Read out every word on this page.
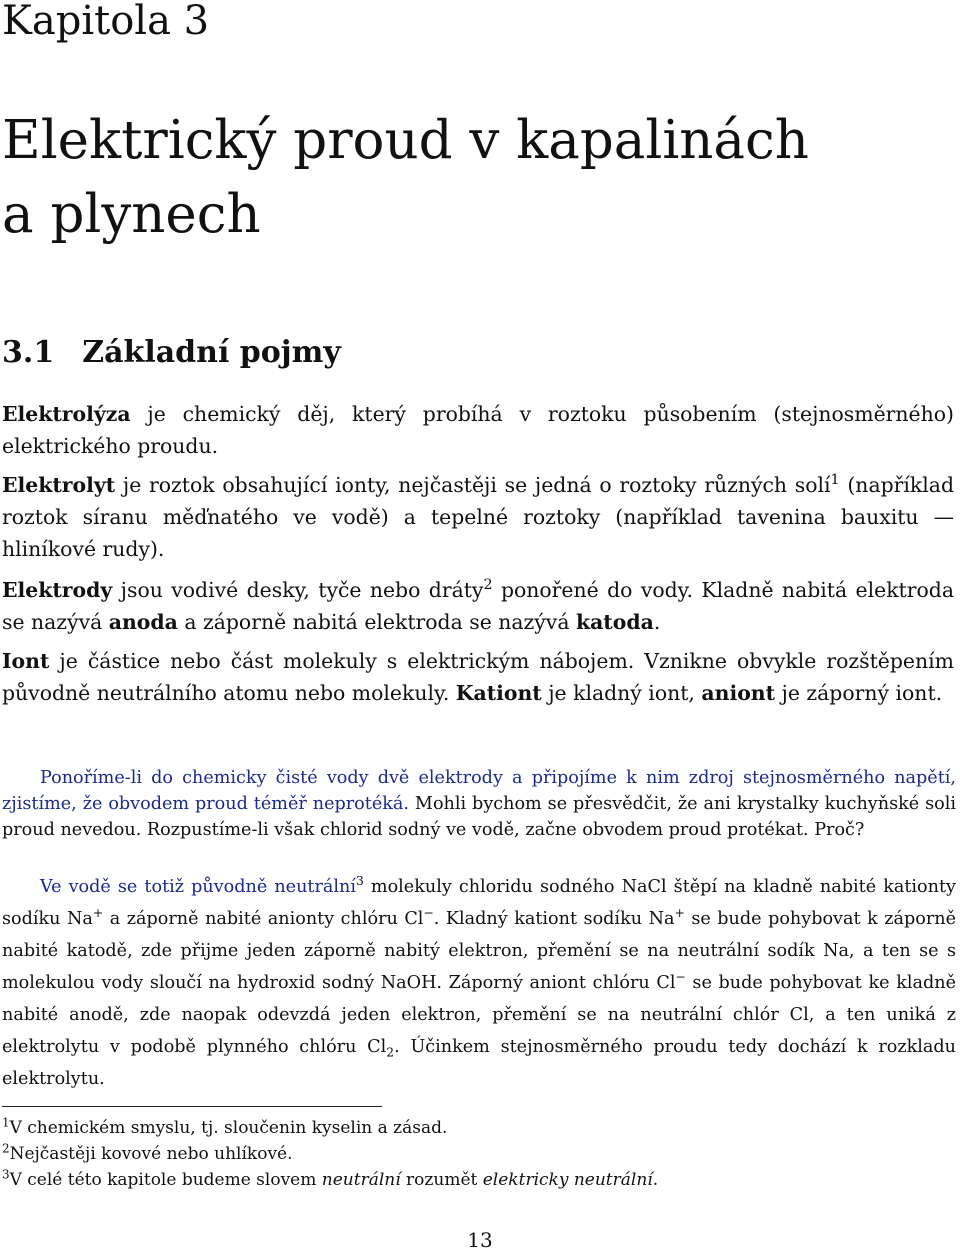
Kapitola 3
Elektrický proud v kapalinách
a plynech
3.1 Základní pojmy
Elektrolýza je chemický děj, který probíhá v roztoku působením (stejnosměrného) elektrického proudu.
Elektrolyt je roztok obsahující ionty, nejčastěji se jedná o roztoky různých solí$^1$ (například roztok síranu měďnatého ve vodě) a tepelné roztoky (například tavenina bauxitu — hliníkové rudy).
Elektrody jsou vodivé desky, tyče nebo dráty$^2$ ponořené do vody. Kladně nabitá elektroda se nazývá anoda a záporně nabitá elektroda se nazývá katoda.
Iont je částice nebo část molekuly s elektrickým nábojem. Vznikne obvykle rozštěpením původně neutrálního atomu nebo molekuly. Kationt je kladný iont, aniont je záporný iont.
Ponoříme-li do chemicky čisté vody dvě elektrody a připojíme k nim zdroj stejnosměrného napětí, zjistíme, že obvodem proud téměř neprotéká. Mohli bychom se přesvědčit, že ani krystalky kuchyňské soli proud nevedou. Rozpustíme-li však chlorid sodný ve vodě, začne obvodem proud protékat. Proč?
Ve vodě se totiž původně neutrální$^3$ molekuly chloridu sodného NaCl štěpí na kladně nabité kationty sodíku Na+ a záporně nabité anionty chlóru Cl−. Kladný kationt sodíku Na+ se bude pohybovat k záporně nabité katodě, zde přijme jeden záporně nabitý elektron, přemění se na neutrální sodík Na, a ten se s molekulou vody sloučí na hydroxid sodný NaOH. Záporný aniont chlóru Cl− se bude pohybovat ke kladně nabité anodě, zde naopak odevzdá jeden elektron, přemění se na neutrální chlór Cl, a ten uniká z elektrolytu v podobě plynného chlóru $Cl_2$. Účinkem stejnosměrného proudu tedy dochází k rozkladu elektrolytu.
$^1$V chemickém smyslu, tj. sloučenin kyselin a zásad.
$^2$Nejčastěji kovové nebo uhlíkové.
$^3$V celé této kapitole budeme slovem neutrální rozumět elektricky neutrální.
13
